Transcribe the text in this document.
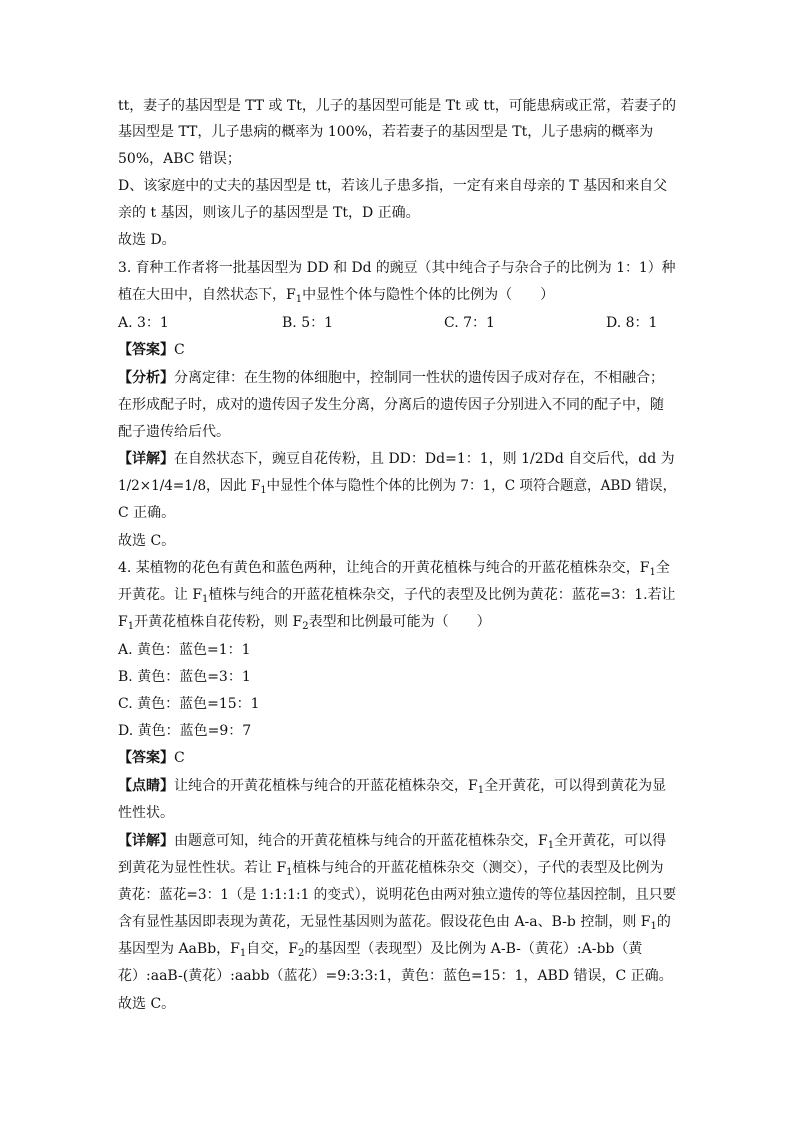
tt，妻子的基因型是 TT 或 Tt，儿子的基因型可能是 Tt 或 tt，可能患病或正常，若妻子的
基因型是 TT，儿子患病的概率为 100%，若若妻子的基因型是 Tt，儿子患病的概率为
50%，ABC 错误；
D、该家庭中的丈夫的基因型是 tt，若该儿子患多指，一定有来自母亲的 T 基因和来自父
亲的 t 基因，则该儿子的基因型是 Tt，D 正确。
故选 D。
3. 育种工作者将一批基因型为 DD 和 Dd 的豌豆（其中纯合子与杂合子的比例为 1：1）种
植在大田中，自然状态下，$F_1$中显性个体与隐性个体的比例为（　　）
A. 3：1	B. 5：1	C. 7：1	D. 8：1
【答案】C
【分析】分离定律：在生物的体细胞中，控制同一性状的遗传因子成对存在，不相融合；
在形成配子时，成对的遗传因子发生分离，分离后的遗传因子分别进入不同的配子中，随
配子遗传给后代。
【详解】在自然状态下，豌豆自花传粉，且 DD：Dd=1：1，则 1/2Dd 自交后代，dd 为
1/2×1/4=1/8，因此 $F_1$中显性个体与隐性个体的比例为 7：1，C 项符合题意，ABD 错误，
C 正确。
故选 C。
4. 某植物的花色有黄色和蓝色两种，让纯合的开黄花植株与纯合的开蓝花植株杂交，$F_1$全
开黄花。让 $F_1$植株与纯合的开蓝花植株杂交，子代的表型及比例为黄花：蓝花=3：1.若让
$F_1$开黄花植株自花传粉，则 $F_2$表型和比例最可能为（　　）
A. 黄色：蓝色=1：1
B. 黄色：蓝色=3：1
C. 黄色：蓝色=15：1
D. 黄色：蓝色=9：7
【答案】C
【点睛】让纯合的开黄花植株与纯合的开蓝花植株杂交，$F_1$全开黄花，可以得到黄花为显
性性状。
【详解】由题意可知，纯合的开黄花植株与纯合的开蓝花植株杂交，$F_1$全开黄花，可以得
到黄花为显性性状。若让 $F_1$植株与纯合的开蓝花植株杂交（测交），子代的表型及比例为
黄花：蓝花=3：1（是 1:1:1:1 的变式），说明花色由两对独立遗传的等位基因控制，且只要
含有显性基因即表现为黄花，无显性基因则为蓝花。假设花色由 A-a、B-b 控制，则 $F_1$的
基因型为 AaBb，$F_1$自交，$F_2$的基因型（表现型）及比例为 A-B-（黄花）:A-bb（黄
花）:aaB-(黄花）:aabb（蓝花）=9:3:3:1，黄色：蓝色=15：1，ABD 错误，C 正确。
故选 C。
